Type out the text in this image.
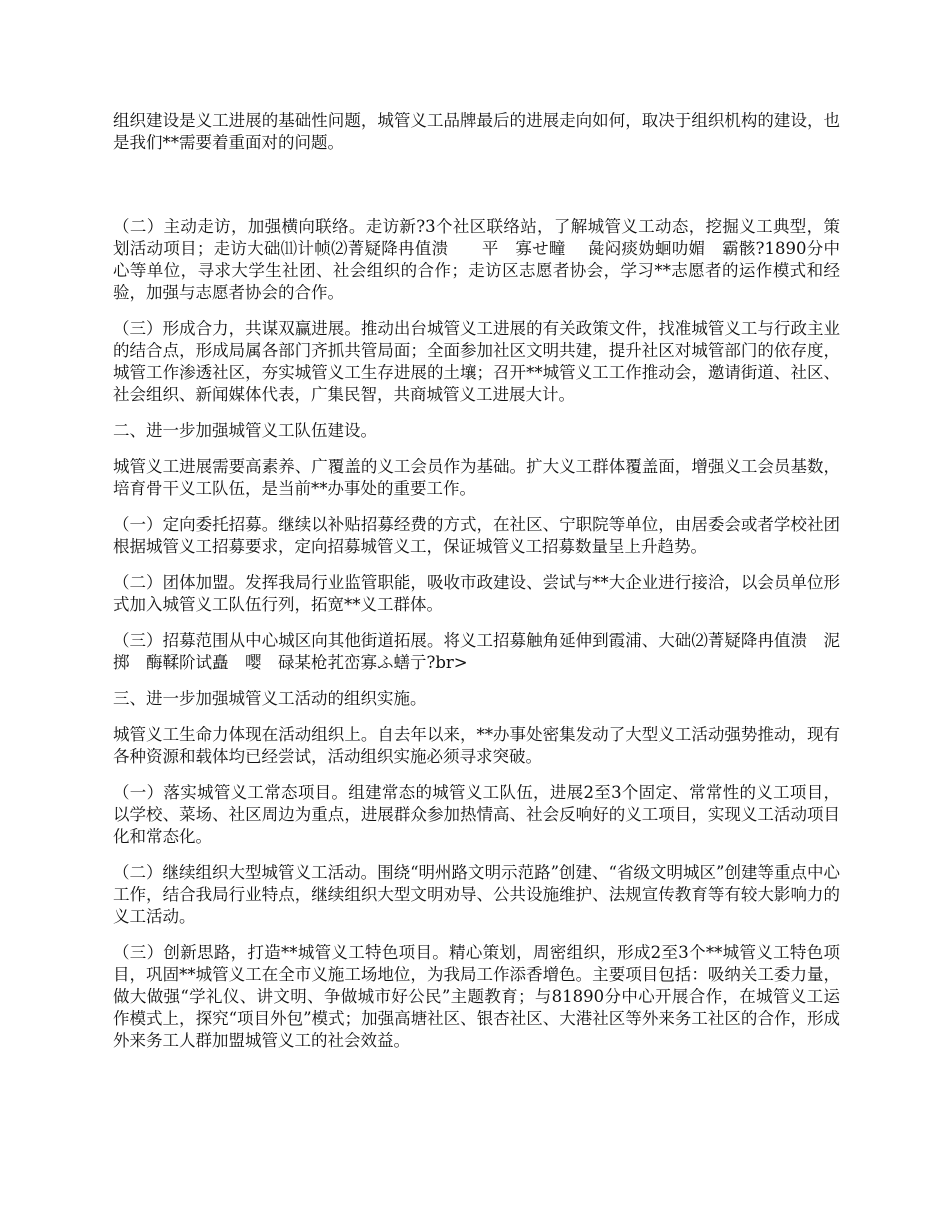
组织建设是义工进展的基础性问题，城管义工品牌最后的进展走向如何，取决于组织机构的建设，也是我们**需要着重面对的问题。

（二）主动走访，加强横向联络。走访新?3个社区联络站，了解城管义工动态，挖掘义工典型，策划活动项目；走访大础⑾计帧⑵菁疑降冉值溃　　平　寡せ疃　 彘闷痰妫蛔叻媚　霸骸?1890分中心等单位，寻求大学生社团、社会组织的合作；走访区志愿者协会，学习**志愿者的运作模式和经验，加强与志愿者协会的合作。

（三）形成合力，共谋双赢进展。推动出台城管义工进展的有关政策文件，找准城管义工与行政主业的结合点，形成局属各部门齐抓共管局面；全面参加社区文明共建，提升社区对城管部门的依存度，城管工作渗透社区，夯实城管义工生存进展的土壤；召开**城管义工工作推动会，邀请街道、社区、社会组织、新闻媒体代表，广集民智，共商城管义工进展大计。

二、进一步加强城管义工队伍建设。

城管义工进展需要高素养、广覆盖的义工会员作为基础。扩大义工群体覆盖面，增强义工会员基数，培育骨干义工队伍，是当前**办事处的重要工作。

（一）定向委托招募。继续以补贴招募经费的方式，在社区、宁职院等单位，由居委会或者学校社团根据城管义工招募要求，定向招募城管义工，保证城管义工招募数量呈上升趋势。

（二）团体加盟。发挥我局行业监管职能，吸收市政建设、尝试与**大企业进行接洽，以会员单位形式加入城管义工队伍行列，拓宽**义工群体。

（三）招募范围从中心城区向其他街道拓展。将义工招募触角延伸到霞浦、大础⑵菁疑降冉值溃　泥掷　酶鞣阶试矗　嘤　碌某枪芤峦寡ふ蟮亍?br>

三、进一步加强城管义工活动的组织实施。

城管义工生命力体现在活动组织上。自去年以来，**办事处密集发动了大型义工活动强势推动，现有各种资源和载体均已经尝试，活动组织实施必须寻求突破。

（一）落实城管义工常态项目。组建常态的城管义工队伍，进展2至3个固定、常常性的义工项目，以学校、菜场、社区周边为重点，进展群众参加热情高、社会反响好的义工项目，实现义工活动项目化和常态化。

（二）继续组织大型城管义工活动。围绕“明州路文明示范路”创建、“省级文明城区”创建等重点中心工作，结合我局行业特点，继续组织大型文明劝导、公共设施维护、法规宣传教育等有较大影响力的义工活动。

（三）创新思路，打造**城管义工特色项目。精心策划，周密组织，形成2至3个**城管义工特色项目，巩固**城管义工在全市义施工场地位，为我局工作添香增色。主要项目包括：吸纳关工委力量，做大做强“学礼仪、讲文明、争做城市好公民”主题教育；与81890分中心开展合作，在城管义工运作模式上，探究“项目外包”模式；加强高塘社区、银杏社区、大港社区等外来务工社区的合作，形成外来务工人群加盟城管义工的社会效益。
